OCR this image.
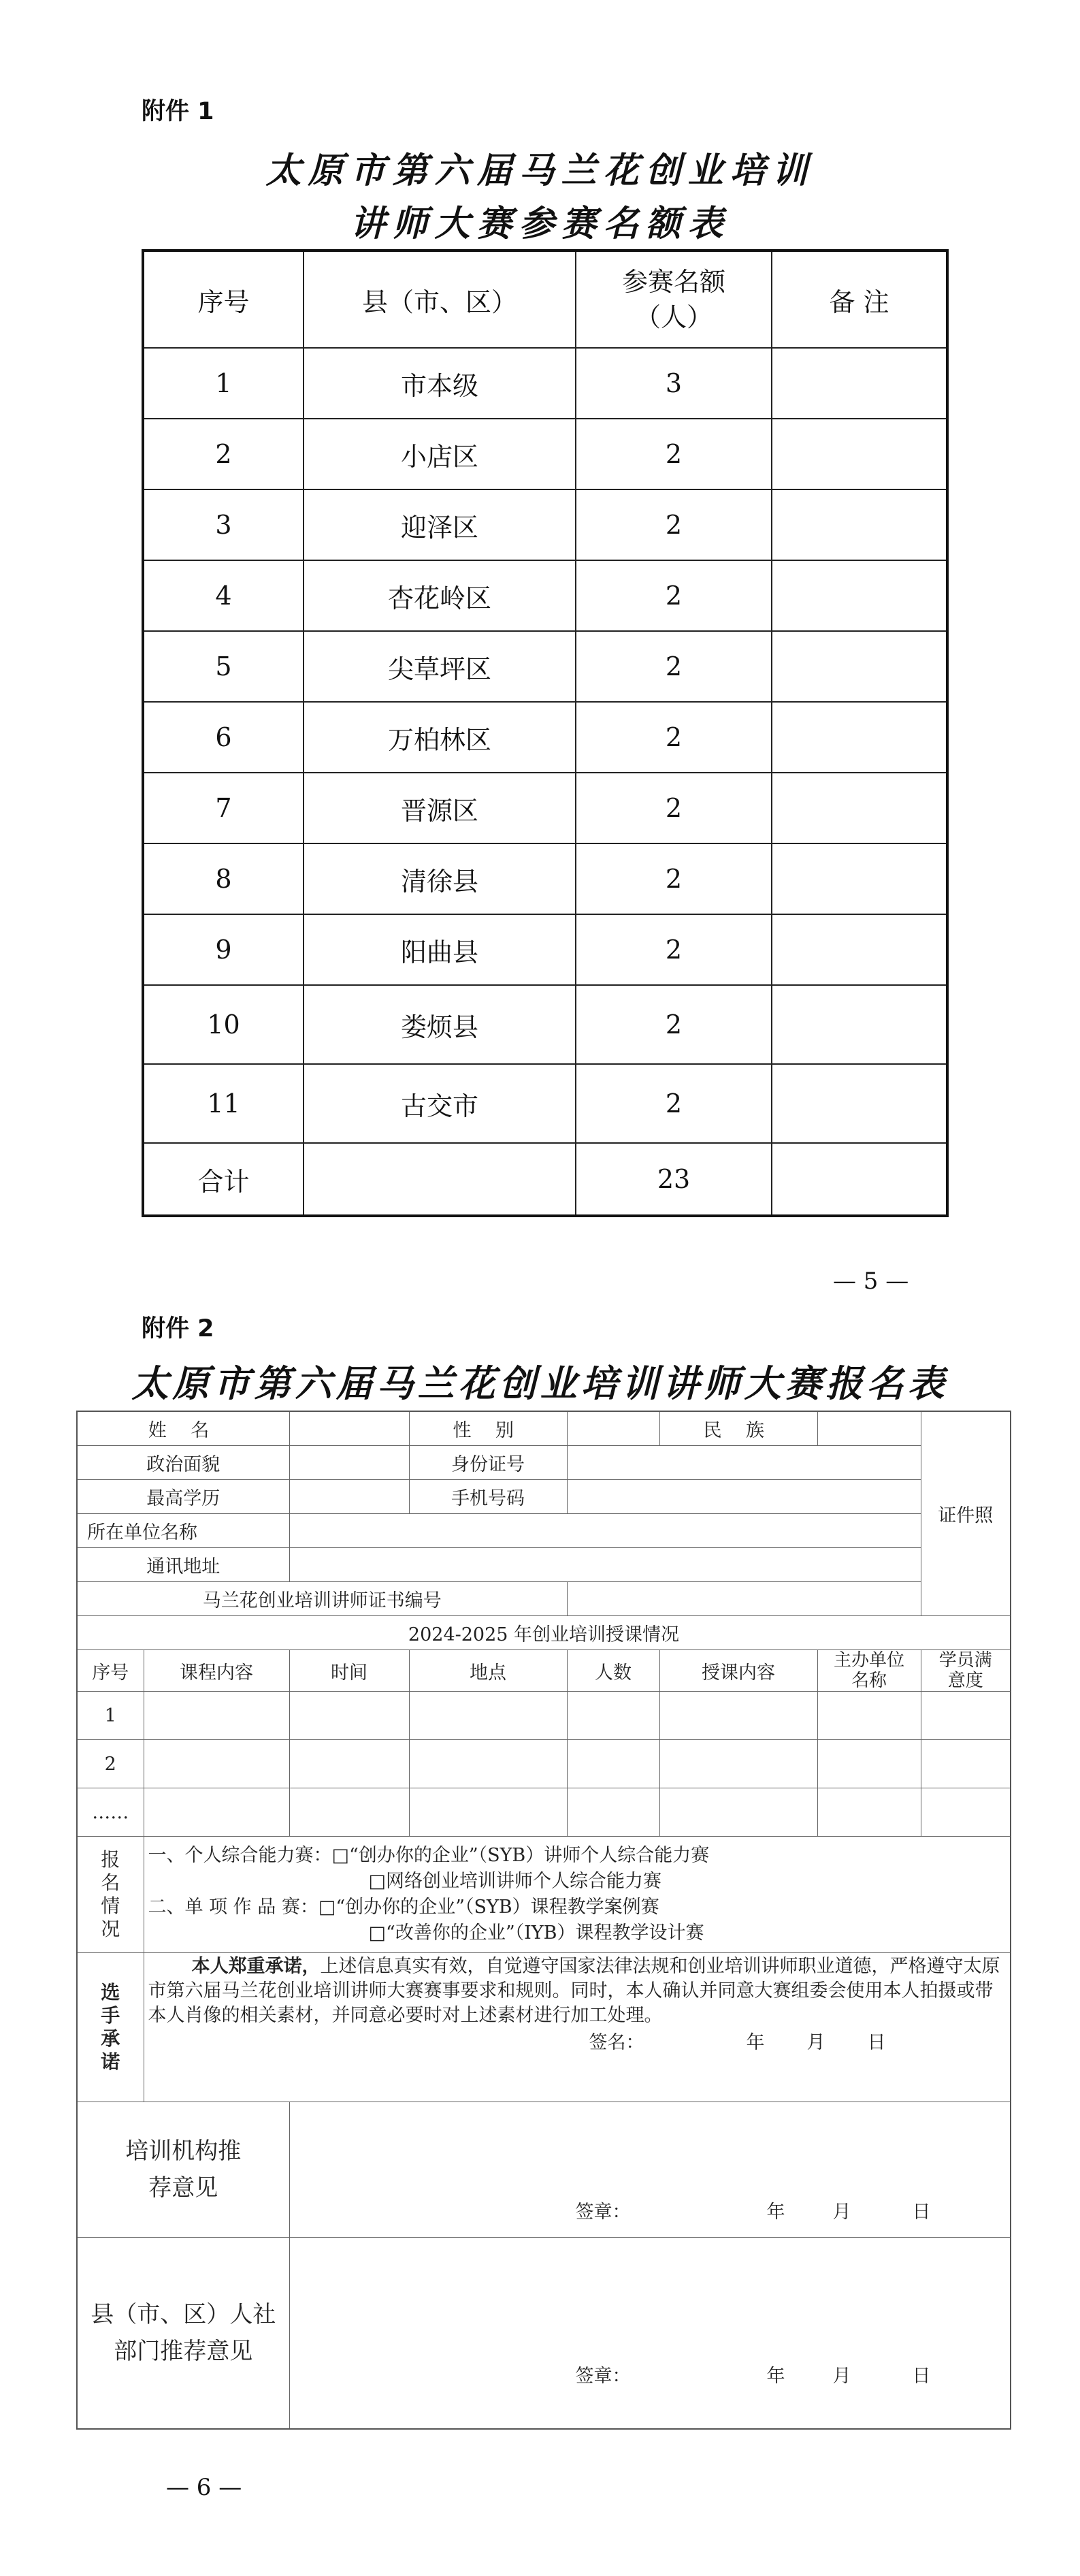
附件 1
太原市第六届马兰花创业培训
讲师大赛参赛名额表
序号	县（市、区）	参赛名额（人）	备 注
1	市本级	3	
2	小店区	2	
3	迎泽区	2	
4	杏花岭区	2	
5	尖草坪区	2	
6	万柏林区	2	
7	晋源区	2	
8	清徐县	2	
9	阳曲县	2	
10	娄烦县	2	
11	古交市	2	
合计		23	
— 5 —
附件 2
太原市第六届马兰花创业培训讲师大赛报名表
姓 名			性 别		民 族		证件照
政治面貌			身份证号				
最高学历			手机号码				
所在单位名称							
通讯地址							
马兰花创业培训讲师证书编号							
2024-2025 年创业培训授课情况							
序号	课程内容	时间	地点	人数	授课内容	主办单位名称	学员满意度

1							
2							
……							
报名情况	一、个人综合能力赛：□“创办你的企业”（SYB）讲师个人综合能力赛
□网络创业培训讲师个人综合能力赛
二、单 项 作 品 赛：□“创办你的企业”（SYB）课程教学案例赛
□“改善你的企业”（IYB）课程教学设计赛						

选手承诺	本人郑重承诺，上述信息真实有效，自觉遵守国家法律法规和创业培训讲师职业道德，严格遵守太原市第六届马兰花创业培训讲师大赛赛事要求和规则。同时，本人确认并同意大赛组委会使用本人拍摄或带本人肖像的相关素材，并同意必要时对上述素材进行加工处理。
签名： 年 月 日						

培训机构推荐意见		签章： 年 月 日					

县（市、区）人社部门推荐意见		签章： 年 月 日					
— 6 —
